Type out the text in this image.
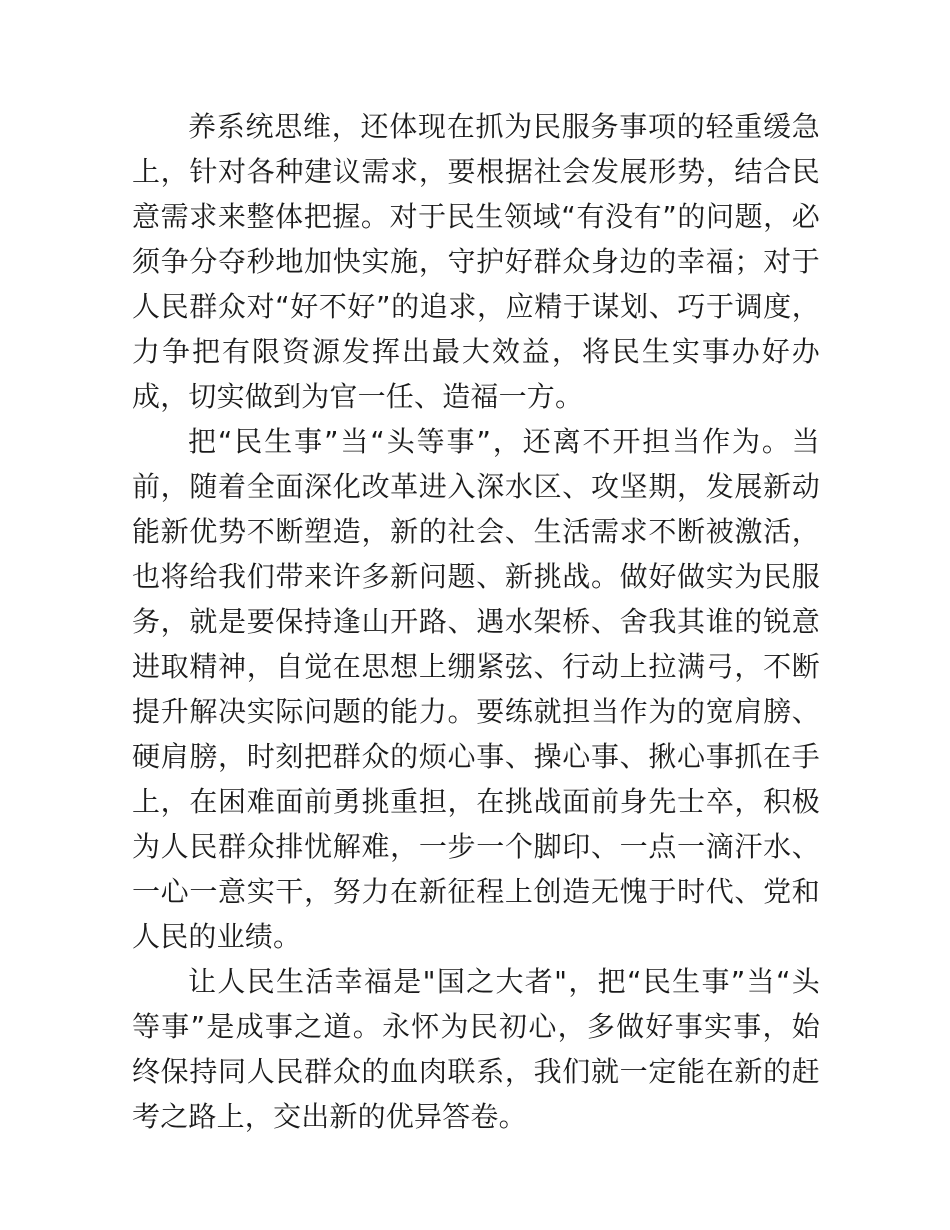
养系统思维，还体现在抓为民服务事项的轻重缓急上，针对各种建议需求，要根据社会发展形势，结合民意需求来整体把握。对于民生领域“有没有”的问题，必须争分夺秒地加快实施，守护好群众身边的幸福；对于人民群众对“好不好”的追求，应精于谋划、巧于调度，力争把有限资源发挥出最大效益，将民生实事办好办成，切实做到为官一任、造福一方。

把“民生事”当“头等事”，还离不开担当作为。当前，随着全面深化改革进入深水区、攻坚期，发展新动能新优势不断塑造，新的社会、生活需求不断被激活，也将给我们带来许多新问题、新挑战。做好做实为民服务，就是要保持逢山开路、遇水架桥、舍我其谁的锐意进取精神，自觉在思想上绷紧弦、行动上拉满弓，不断提升解决实际问题的能力。要练就担当作为的宽肩膀、硬肩膀，时刻把群众的烦心事、操心事、揪心事抓在手上，在困难面前勇挑重担，在挑战面前身先士卒，积极为人民群众排忧解难，一步一个脚印、一点一滴汗水、一心一意实干，努力在新征程上创造无愧于时代、党和人民的业绩。

让人民生活幸福是"国之大者"，把“民生事”当“头等事”是成事之道。永怀为民初心，多做好事实事，始终保持同人民群众的血肉联系，我们就一定能在新的赶考之路上，交出新的优异答卷。
